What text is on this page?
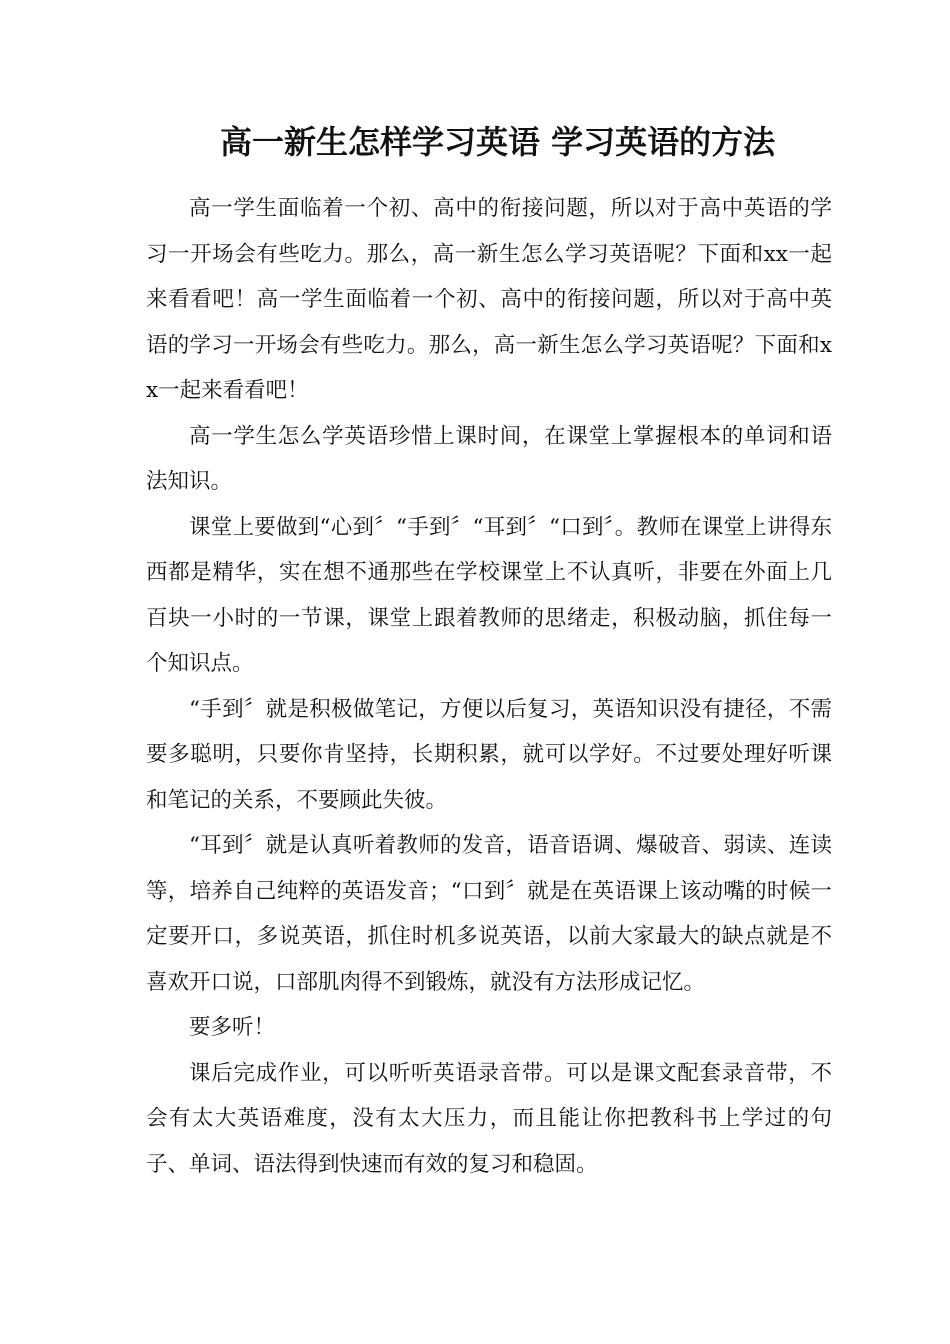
高一新生怎样学习英语 学习英语的方法

高一学生面临着一个初、高中的衔接问题，所以对于高中英语的学习一开场会有些吃力。那么，高一新生怎么学习英语呢？下面和xx一起来看看吧！高一学生面临着一个初、高中的衔接问题，所以对于高中英语的学习一开场会有些吃力。那么，高一新生怎么学习英语呢？下面和xx一起来看看吧！

高一学生怎么学英语珍惜上课时间，在课堂上掌握根本的单词和语法知识。

课堂上要做到“心到〞“手到〞“耳到〞“口到〞。教师在课堂上讲得东西都是精华，实在想不通那些在学校课堂上不认真听，非要在外面上几百块一小时的一节课，课堂上跟着教师的思绪走，积极动脑，抓住每一个知识点。

“手到〞就是积极做笔记，方便以后复习，英语知识没有捷径，不需要多聪明，只要你肯坚持，长期积累，就可以学好。不过要处理好听课和笔记的关系，不要顾此失彼。

“耳到〞就是认真听着教师的发音，语音语调、爆破音、弱读、连读等，培养自己纯粹的英语发音；“口到〞就是在英语课上该动嘴的时候一定要开口，多说英语，抓住时机多说英语，以前大家最大的缺点就是不喜欢开口说，口部肌肉得不到锻炼，就没有方法形成记忆。

要多听！

课后完成作业，可以听听英语录音带。可以是课文配套录音带，不会有太大英语难度，没有太大压力，而且能让你把教科书上学过的句子、单词、语法得到快速而有效的复习和稳固。
